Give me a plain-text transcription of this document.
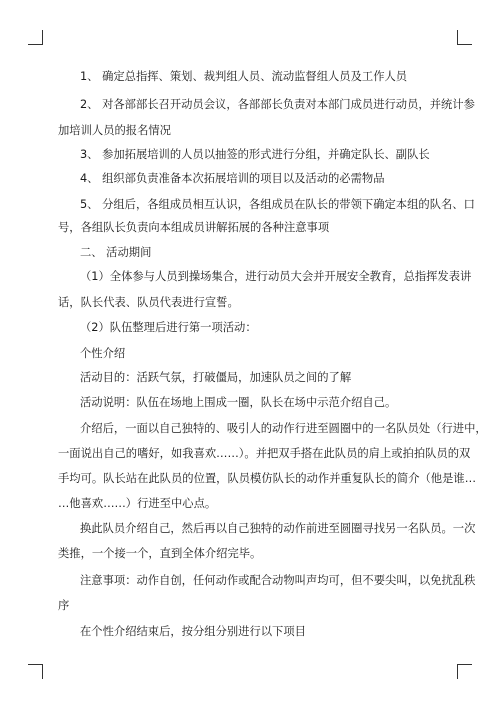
1、 确定总指挥、策划、裁判组人员、流动监督组人员及工作人员
2、 对各部部长召开动员会议，各部部长负责对本部门成员进行动员，并统计参
加培训人员的报名情况
3、 参加拓展培训的人员以抽签的形式进行分组，并确定队长、副队长
4、 组织部负责准备本次拓展培训的项目以及活动的必需物品
5、 分组后，各组成员相互认识，各组成员在队长的带领下确定本组的队名、口
号，各组队长负责向本组成员讲解拓展的各种注意事项
二、 活动期间
（1）全体参与人员到操场集合，进行动员大会并开展安全教育，总指挥发表讲
话，队长代表、队员代表进行宣誓。
（2）队伍整理后进行第一项活动：
个性介绍
活动目的：活跃气氛，打破僵局，加速队员之间的了解
活动说明：队伍在场地上围成一圈，队长在场中示范介绍自己。
介绍后，一面以自己独特的、吸引人的动作行进至圆圈中的一名队员处（行进中，
一面说出自己的嗜好，如我喜欢……）。并把双手搭在此队员的肩上或拍拍队员的双
手均可。队长站在此队员的位置，队员模仿队长的动作并重复队长的简介（他是谁…
…他喜欢……）行进至中心点。
换此队员介绍自己，然后再以自己独特的动作前进至圆圈寻找另一名队员。一次
类推，一个接一个，直到全体介绍完毕。
注意事项：动作自创，任何动作或配合动物叫声均可，但不要尖叫，以免扰乱秩
序
在个性介绍结束后，按分组分别进行以下项目
